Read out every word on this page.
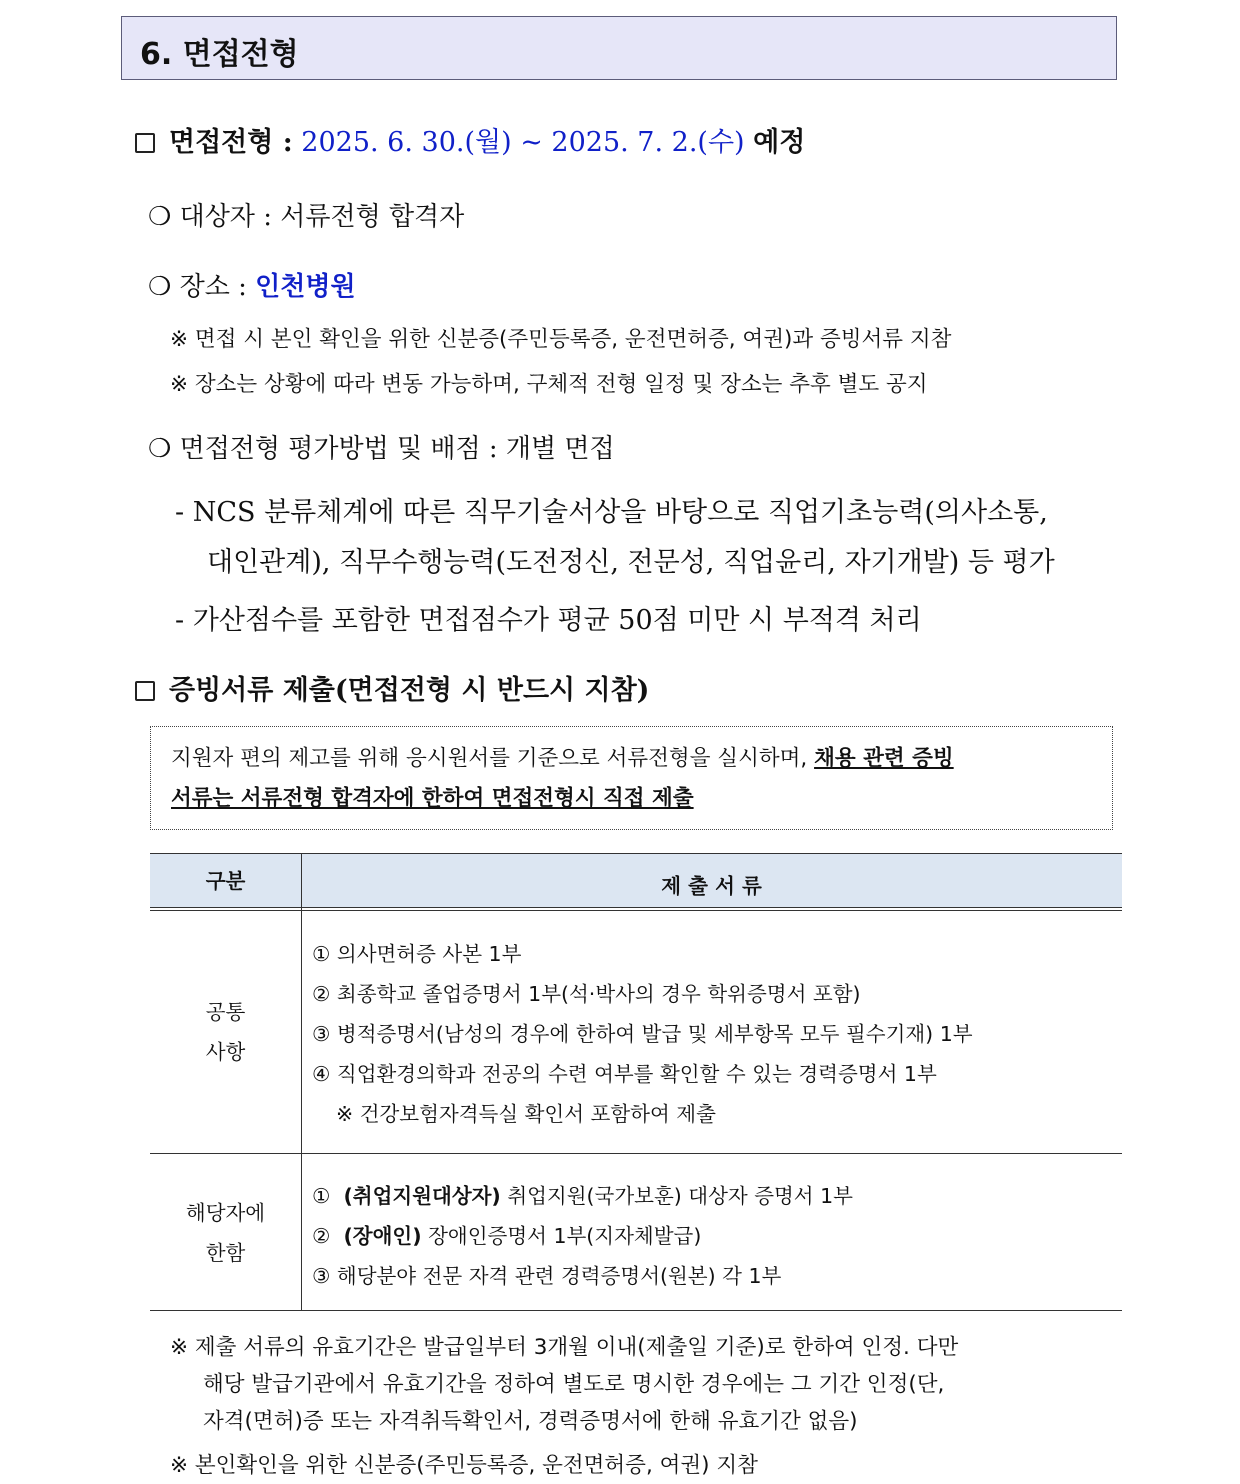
6. 면접전형
면접전형 : 2025. 6. 30.(월) ~ 2025. 7. 2.(수) 예정
❍ 대상자 : 서류전형 합격자
❍ 장소 : 인천병원
※ 면접 시 본인 확인을 위한 신분증(주민등록증, 운전면허증, 여권)과 증빙서류 지참
※ 장소는 상황에 따라 변동 가능하며, 구체적 전형 일정 및 장소는 추후 별도 공지
❍ 면접전형 평가방법 및 배점 : 개별 면접
- NCS 분류체계에 따른 직무기술서상을 바탕으로 직업기초능력(의사소통,
대인관계), 직무수행능력(도전정신, 전문성, 직업윤리, 자기개발) 등 평가
- 가산점수를 포함한 면접점수가 평균 50점 미만 시 부적격 처리
증빙서류 제출(면접전형 시 반드시 지참)

지원자 편의 제고를 위해 응시원서를 기준으로 서류전형을 실시하며, 채용 관련 증빙

서류는 서류전형 합격자에 한하여 면접전형시 직접 제출

구분	제 출 서 류
공통
사항
① 의사면허증 사본 1부
② 최종학교 졸업증명서 1부(석·박사의 경우 학위증명서 포함)
③ 병적증명서(남성의 경우에 한하여 발급 및 세부항목 모두 필수기재) 1부
④ 직업환경의학과 전공의 수련 여부를 확인할 수 있는 경력증명서 1부
※ 건강보험자격득실 확인서 포함하여 제출
해당자에
한함
① (취업지원대상자) 취업지원(국가보훈) 대상자 증명서 1부
② (장애인) 장애인증명서 1부(지자체발급)
③ 해당분야 전문 자격 관련 경력증명서(원본) 각 1부
※ 제출 서류의 유효기간은 발급일부터 3개월 이내(제출일 기준)로 한하여 인정. 다만
해당 발급기관에서 유효기간을 정하여 별도로 명시한 경우에는 그 기간 인정(단,
자격(면허)증 또는 자격취득확인서, 경력증명서에 한해 유효기간 없음)
※ 본인확인을 위한 신분증(주민등록증, 운전면허증, 여권) 지참
